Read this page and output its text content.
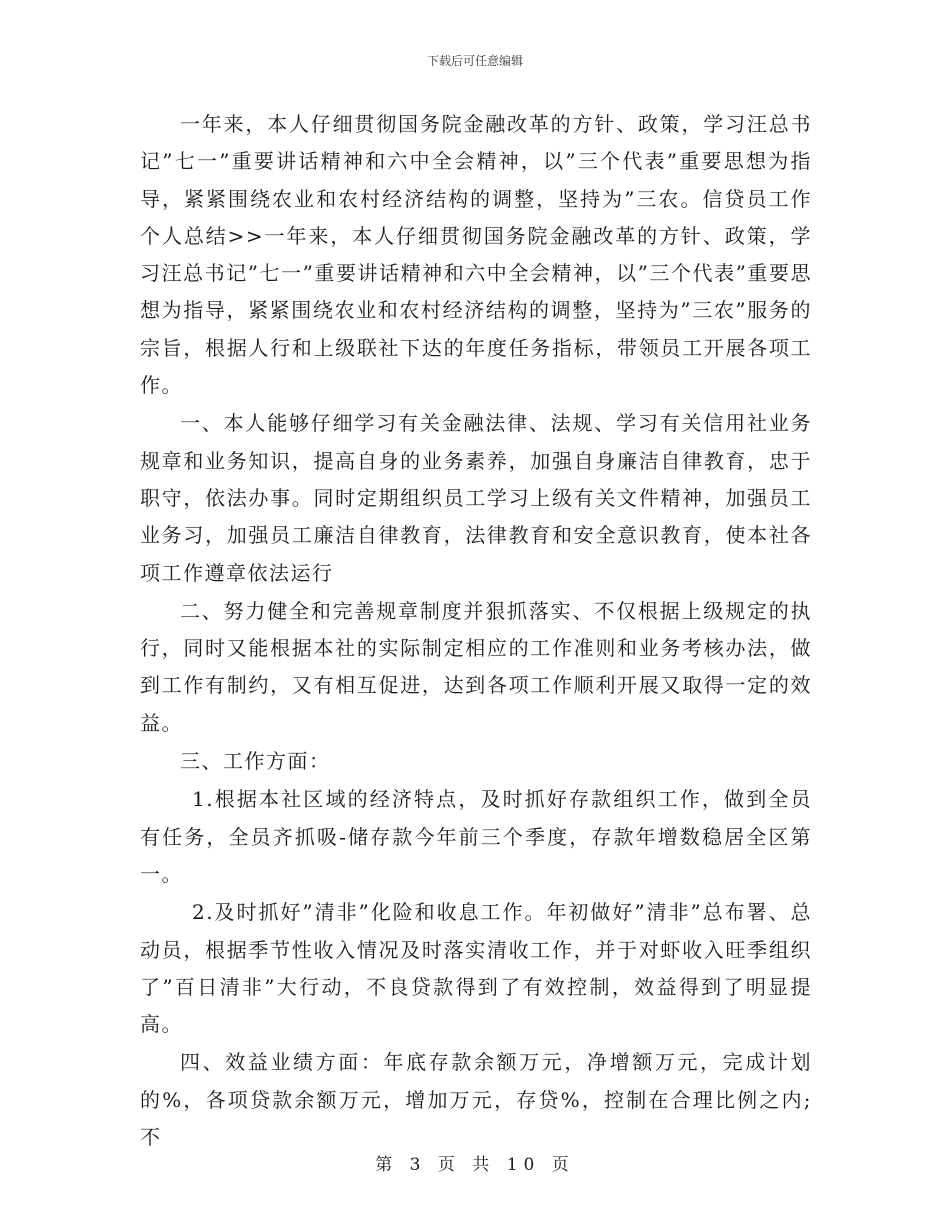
下载后可任意编辑

一年来，本人仔细贯彻国务院金融改革的方针、政策，学习汪总书记”七一”重要讲话精神和六中全会精神，以”三个代表”重要思想为指导，紧紧围绕农业和农村经济结构的调整，坚持为”三农。信贷员工作个人总结>>一年来，本人仔细贯彻国务院金融改革的方针、政策，学习汪总书记”七一”重要讲话精神和六中全会精神，以”三个代表”重要思想为指导，紧紧围绕农业和农村经济结构的调整，坚持为”三农”服务的宗旨，根据人行和上级联社下达的年度任务指标，带领员工开展各项工作。

一、本人能够仔细学习有关金融法律、法规、学习有关信用社业务规章和业务知识，提高自身的业务素养，加强自身廉洁自律教育，忠于职守，依法办事。同时定期组织员工学习上级有关文件精神，加强员工业务习，加强员工廉洁自律教育，法律教育和安全意识教育，使本社各项工作遵章依法运行

二、努力健全和完善规章制度并狠抓落实、不仅根据上级规定的执行，同时又能根据本社的实际制定相应的工作准则和业务考核办法，做到工作有制约，又有相互促进，达到各项工作顺利开展又取得一定的效益。

三、工作方面：

1.根据本社区域的经济特点，及时抓好存款组织工作，做到全员有任务，全员齐抓吸-储存款今年前三个季度，存款年增数稳居全区第一。

2.及时抓好”清非”化险和收息工作。年初做好”清非”总布署、总动员，根据季节性收入情况及时落实清收工作，并于对虾收入旺季组织了”百日清非”大行动，不良贷款得到了有效控制，效益得到了明显提高。

四、效益业绩方面：年底存款余额万元，净增额万元，完成计划的%，各项贷款余额万元，增加万元，存贷%，控制在合理比例之内;不

第 3 页 共 10 页
